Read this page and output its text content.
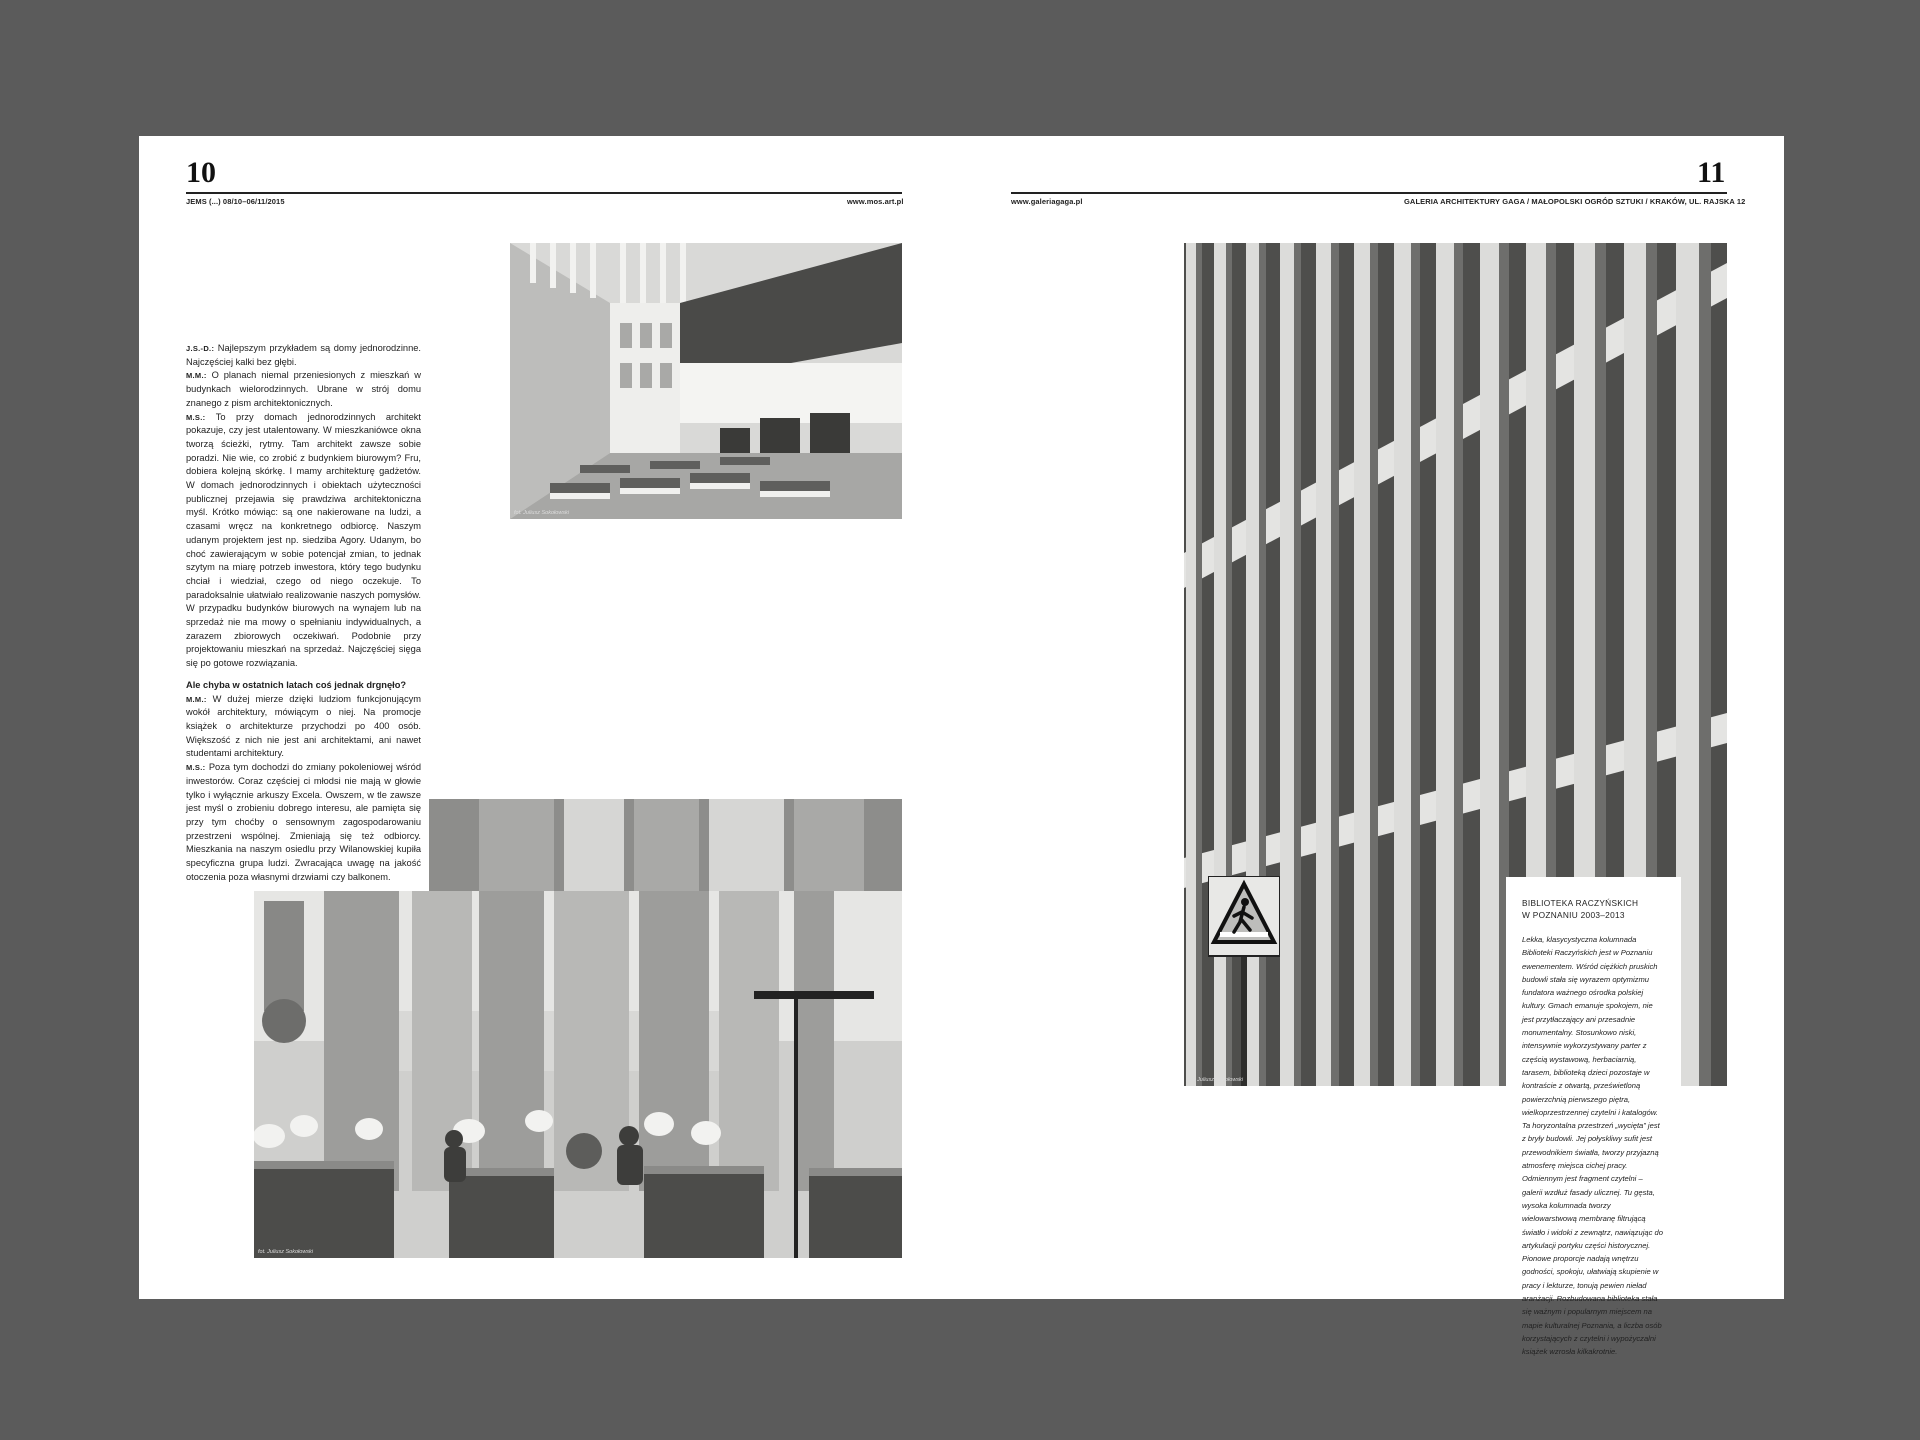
10
JEMS (...) 08/10–06/11/2015	www.mos.art.pl
11
www.galeriagaga.pl	GALERIA ARCHITEKTURY GAGA / MAŁOPOLSKI OGRÓD SZTUKI / KRAKÓW, UL. RAJSKA 12
fot. Juliusz Sokołowski

J.S.-D.: Najlepszym przykładem są domy jednorodzinne. Najczęściej kalki bez głębi.

M.M.: O planach niemal przeniesionych z mieszkań w budynkach wielorodzinnych. Ubrane w strój domu znanego z pism architektonicznych.

M.S.: To przy domach jednorodzinnych architekt pokazuje, czy jest utalentowany. W mieszkaniówce okna tworzą ścieżki, rytmy. Tam architekt zawsze sobie poradzi. Nie wie, co zrobić z budynkiem biurowym? Fru, dobiera kolejną skórkę. I mamy architekturę gadżetów. W domach jednorodzinnych i obiektach użyteczności publicznej przejawia się prawdziwa architektoniczna myśl. Krótko mówiąc: są one nakierowane na ludzi, a czasami wręcz na konkretnego odbiorcę. Naszym udanym projektem jest np. siedziba Agory. Udanym, bo choć zawierającym w sobie potencjał zmian, to jednak szytym na miarę potrzeb inwestora, który tego budynku chciał i wiedział, czego od niego oczekuje. To paradoksalnie ułatwiało realizowanie naszych pomysłów. W przypadku budynków biurowych na wynajem lub na sprzedaż nie ma mowy o spełnianiu indywidualnych, a zarazem zbiorowych oczekiwań. Podobnie przy projektowaniu mieszkań na sprzedaż. Najczęściej sięga się po gotowe rozwiązania.

Ale chyba w ostatnich latach coś jednak drgnęło?

M.M.: W dużej mierze dzięki ludziom funkcjonującym wokół architektury, mówiącym o niej. Na promocje książek o architekturze przychodzi po 400 osób. Większość z nich nie jest ani architektami, ani nawet studentami architektury.

M.S.: Poza tym dochodzi do zmiany pokoleniowej wśród inwestorów. Coraz częściej ci młodsi nie mają w głowie tylko i wyłącznie arkuszy Excela. Owszem, w tle zawsze jest myśl o zrobieniu dobrego interesu, ale pamięta się przy tym choćby o sensownym zagospodarowaniu przestrzeni wspólnej. Zmieniają się też odbiorcy. Mieszkania na naszym osiedlu przy Wilanowskiej kupiła specyficzna grupa ludzi. Zwracająca uwagę na jakość otoczenia poza własnymi drzwiami czy balkonem.

fot. Juliusz Sokołowski
fot. Juliusz Sokołowski
BIBLIOTEKA RACZYŃSKICH
W POZNANIU 2003–2013
Lekka, klasycystyczna kolumnada Biblioteki Raczyńskich jest w Poznaniu ewenementem. Wśród ciężkich pruskich budowli stała się wyrazem optymizmu fundatora ważnego ośrodka polskiej kultury. Gmach emanuje spokojem, nie jest przytłaczający ani przesadnie monumentalny. Stosunkowo niski, intensywnie wykorzystywany parter z częścią wystawową, herbaciarnią, tarasem, biblioteką dzieci pozostaje w kontraście z otwartą, prześwietloną powierzchnią pierwszego piętra, wielkoprzestrzennej czytelni i katalogów. Ta horyzontalna przestrzeń „wycięta” jest z bryły budowli. Jej połyskliwy sufit jest przewodnikiem światła, tworzy przyjazną atmosferę miejsca cichej pracy. Odmiennym jest fragment czytelni – galerii wzdłuż fasady ulicznej. Tu gęsta, wysoka kolumnada tworzy wielowarstwową membranę filtrującą światło i widoki z zewnątrz, nawiązując do artykulacji portyku części historycznej. Pionowe proporcje nadają wnętrzu godności, spokoju, ułatwiają skupienie w pracy i lekturze, tonują pewien nieład aranżacji. Rozbudowana biblioteka stała się ważnym i popularnym miejscem na mapie kulturalnej Poznania, a liczba osób korzystających z czytelni i wypożyczalni książek wzrosła kilkakrotnie.
